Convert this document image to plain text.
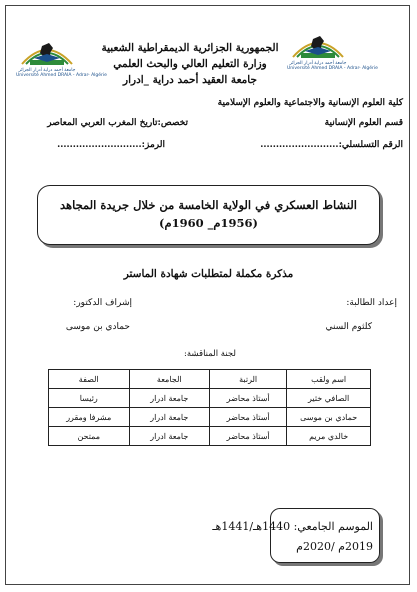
جامعة أحمد دراية أدرار الجزائر
Université Ahmed DRAIA - Adrar- Algérie
جامعة أحمد دراية أدرار الجزائر
Université Ahmed DRAIA - Adrar- Algérie
الجمهورية الجزائرية الديمقراطية الشعبية
وزارة التعليم العالي والبحث العلمي
جامعة العقيد أحمد دراية _ادرار
كلية العلوم الإنسانية والاجتماعية والعلوم الإسلامية
قسم العلوم الإنسانية
تخصص:تاريخ المغرب العربي المعاصر
الرقم التسلسلي:.........................
الرمز:...........................
النشاط العسكري في الولاية الخامسة من خلال جريدة المجاهد
(1956م_ 1960م)
مذكرة مكملة لمتطلبات شهادة الماستر
إعداد الطالبة:
كلثوم السني
إشراف الدكتور:
حمادي بن موسى
لجنة المناقشة:
اسم ولقب	الرتبة	الجامعة	الصفة
الصافي خثير	أستاذ محاضر	جامعة ادرار	رئيسا
حمادي بن موسى	أستاذ محاضر	جامعة ادرار	مشرفا ومقرر
خالدي مريم	أستاذ محاضر	جامعة ادرار	ممتحن
الموسم الجامعي: 1440هـ/1441هـ
2019م /2020م
